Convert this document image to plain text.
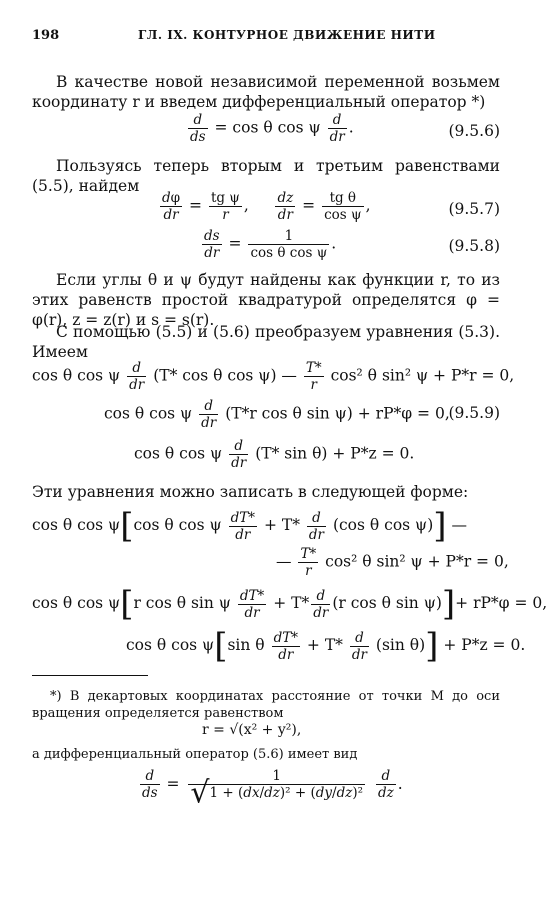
198	ГЛ. IX. КОНТУРНОЕ ДВИЖЕНИЕ НИТИ
В качестве новой независимой переменной возьмем координату r и введем дифференциальный оператор *)
$\frac{d}{ds} = \cos \theta$ cos ψ $\frac{d}{dr}$ .	(9.5.6)
Пользуясь теперь вторым и третьим равенствами (5.5), найдем
$\frac{d\varphi}{dr} = \frac{\text{tg ψ}}{r}$ , $\frac{dz}{dr} = \frac{\text{tg θ}}{\text{cos ψ}}$ ,	(9.5.7)
$\frac{ds}{dr} = \frac{1}{\text{cos θ cos ψ}}$ .	(9.5.8)
Если углы θ и ψ будут найдены как функции r, то из этих равенств простой квадратурой определятся φ = φ(r), z = z(r) и s = s(r).
С помощью (5.5) и (5.6) преобразуем уравнения (5.3). Имеем
cos θ cos ψ $\frac{d}{dr} (T*$ cos θ cos ψ) — $\frac{T*}{r} \cos^2$ θ sin² ψ + P*r = 0,
cos θ cos ψ $\frac{d}{dr} (T*r$ cos θ sin ψ) + rP*φ = 0,
(9.5.9)
cos θ cos ψ $\frac{d}{dr} (T*$ sin θ) + P*z = 0.
Эти уравнения можно записать в следующей форме:
cos θ cos ψ[cos θ cos ψ $\frac{dT*}{dr} + T* \frac{d}{dr} (\cos$ θ cos ψ)] —
— $\frac{T*}{r} \cos^2$ θ sin² ψ + P*r = 0,
cos θ cos ψ[r cos θ sin ψ $\frac{dT*}{dr} + T* \frac{d}{dr} (r$ cos θ sin ψ)]+ rP*φ = 0,
cos θ cos ψ[sin θ $\frac{dT*}{dr} + T* \frac{d}{dr} (\sin$ θ)] + P*z = 0.
*) В декартовых координатах расстояние от точки M до оси вращения определяется равенством
r = √(x² + y²),
а дифференциальный оператор (5.6) имеет вид
$\frac{d}{ds} = \frac{1}{\text{√1 + (dx/dz)² + (dy/dz)²}}$
$\frac{d}{dz}$ .
